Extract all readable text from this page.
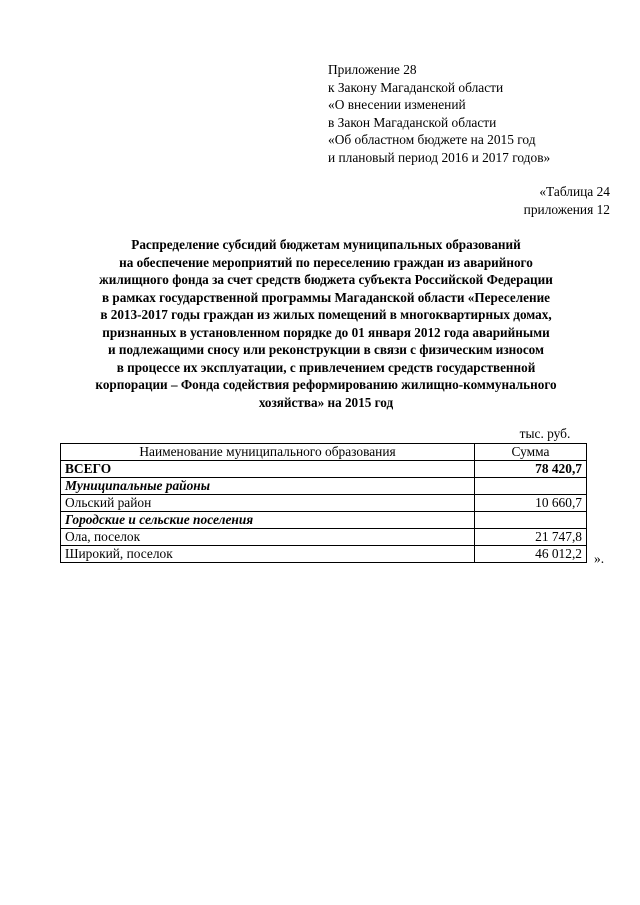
Приложение 28
к Закону Магаданской области
«О внесении изменений
в Закон Магаданской области
«Об областном бюджете на 2015 год
и плановый период 2016 и 2017 годов»
«Таблица 24
приложения 12
Распределение субсидий бюджетам муниципальных образований
на обеспечение мероприятий по переселению граждан из аварийного
жилищного фонда за счет средств бюджета субъекта Российской Федерации
в рамках государственной программы Магаданской области «Переселение
в 2013-2017 годы граждан из жилых помещений в многоквартирных домах,
признанных в установленном порядке до 01 января 2012 года аварийными
и подлежащими сносу или реконструкции в связи с физическим износом
в процессе их эксплуатации, с привлечением средств государственной
корпорации – Фонда содействия реформированию жилищно-коммунального
хозяйства» на 2015 год
тыс. руб.
Наименование муниципального образования	Сумма
ВСЕГО	78 420,7
Муниципальные районы	
Ольский район	10 660,7
Городские и сельские поселения	
Ола, поселок	21 747,8
Широкий, поселок	46 012,2 ».
